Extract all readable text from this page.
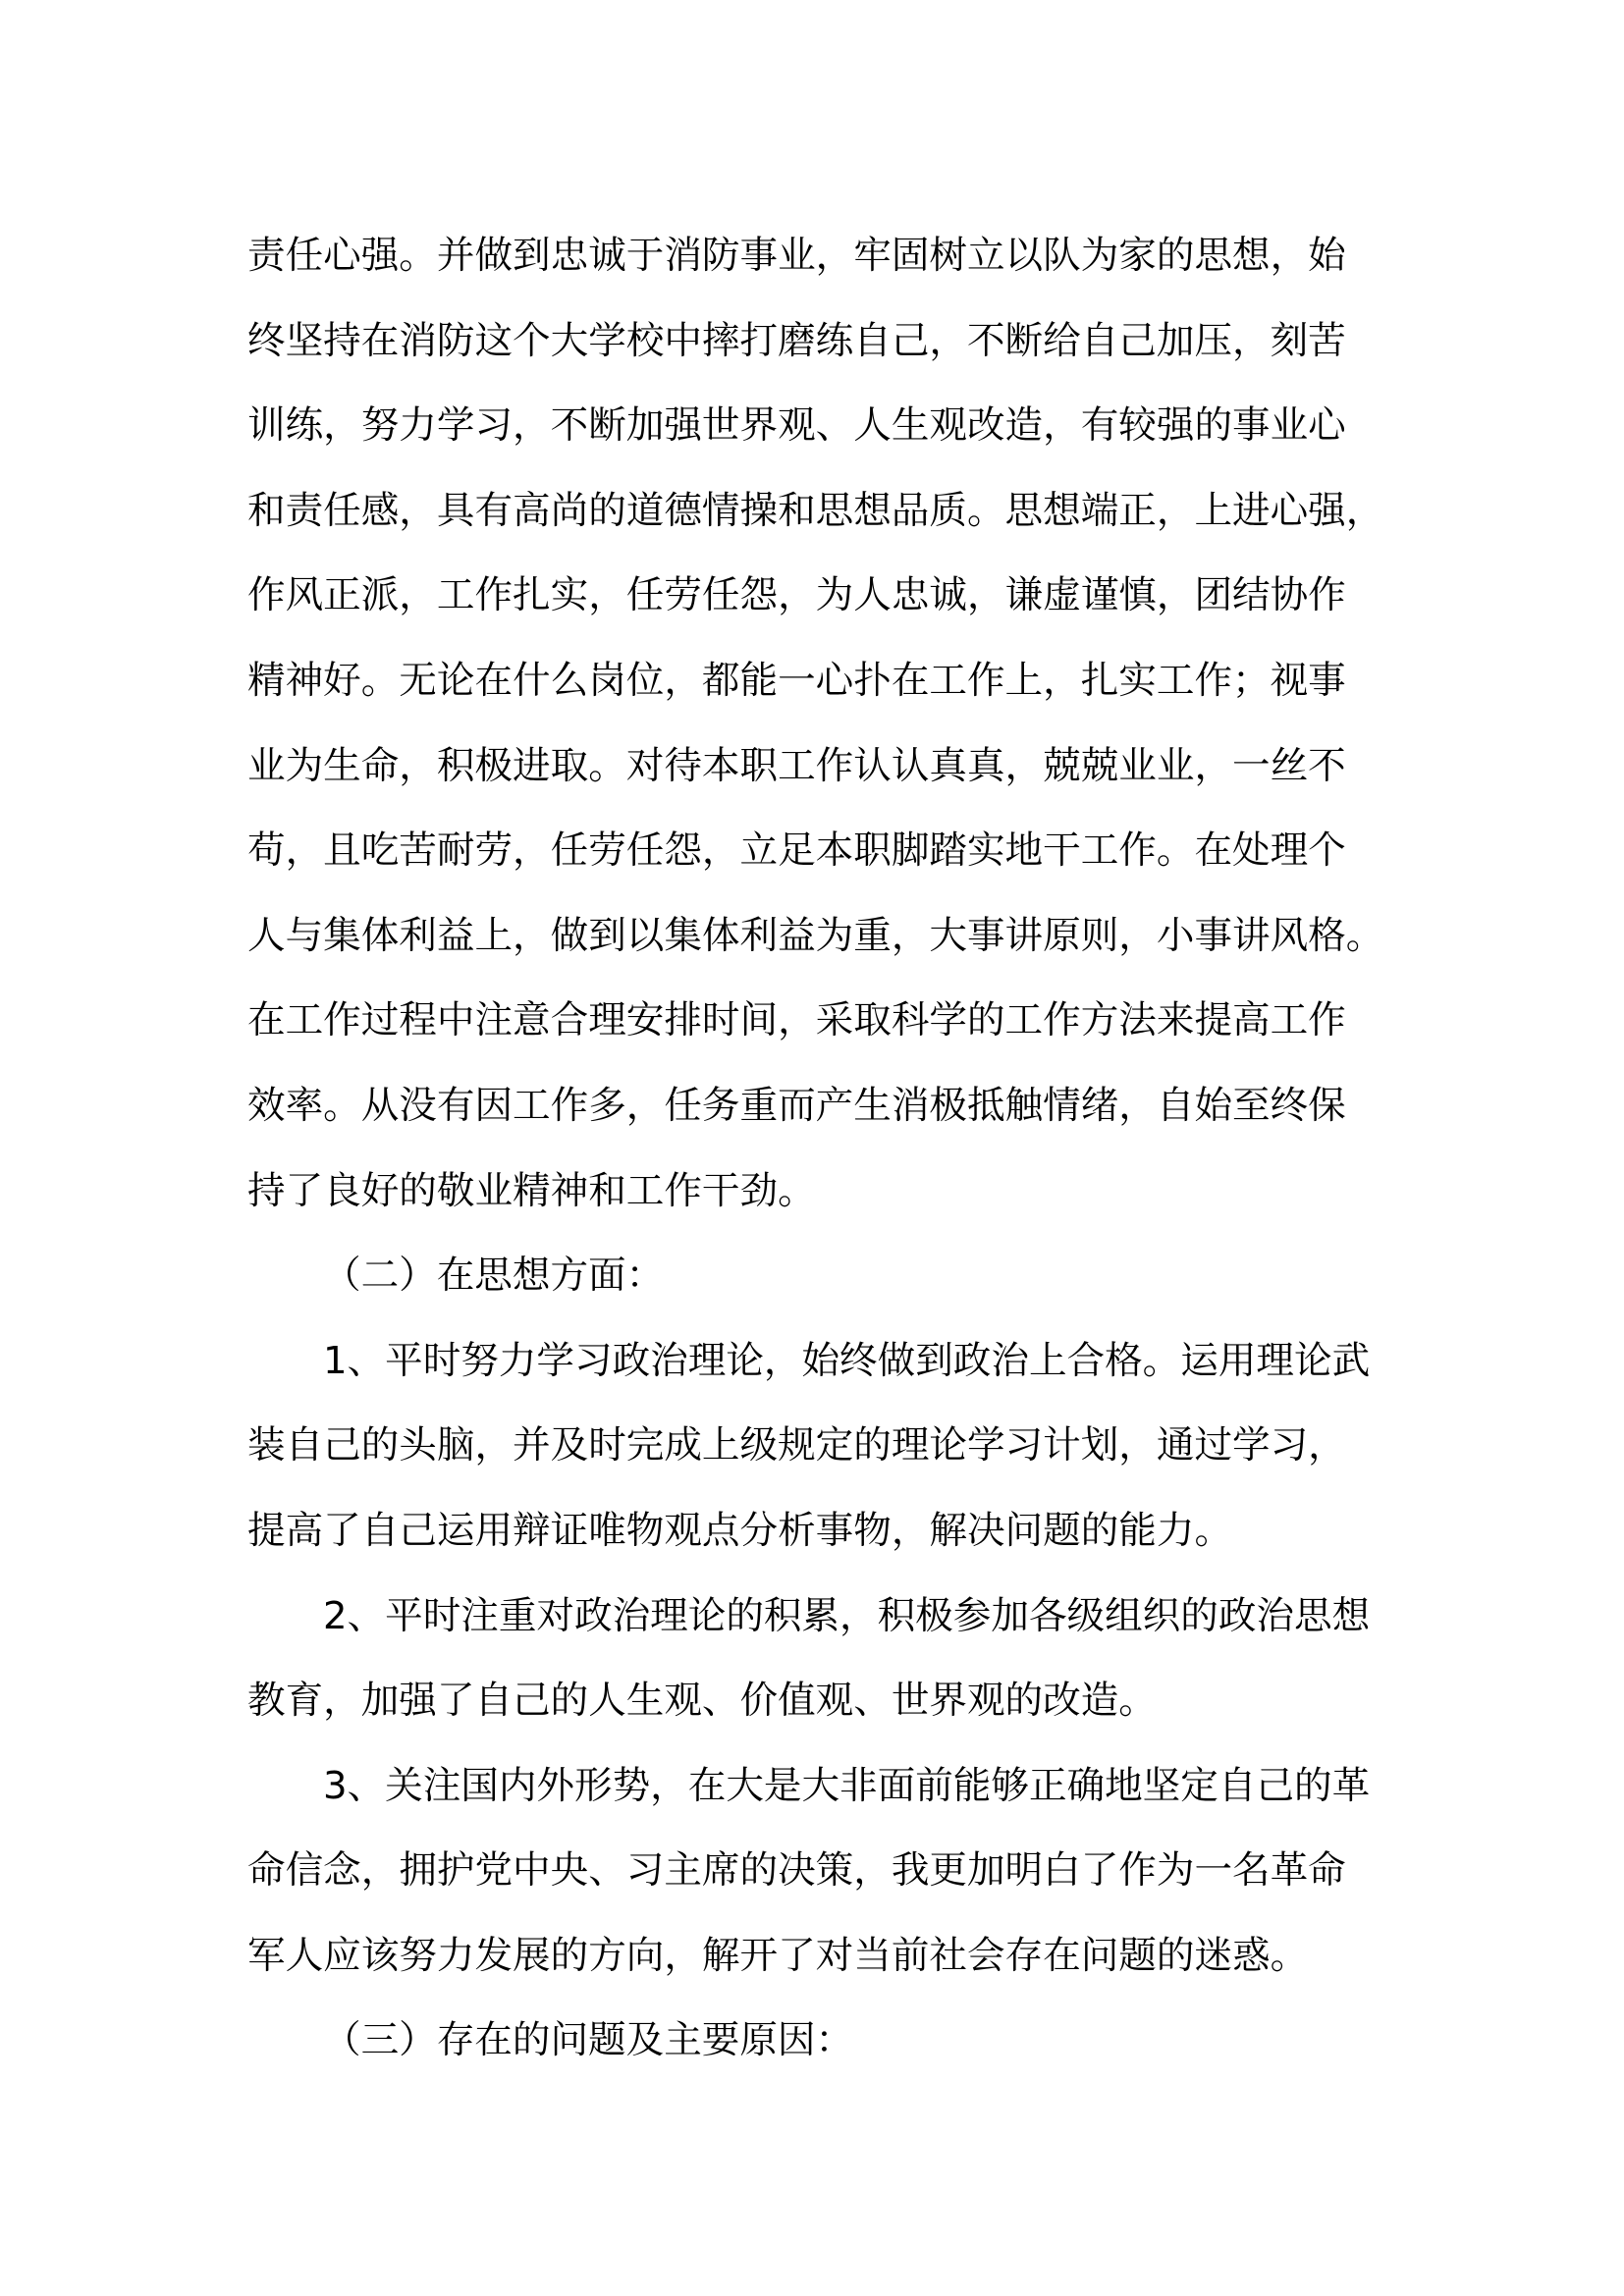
责任心强。并做到忠诚于消防事业，牢固树立以队为家的思想，始
终坚持在消防这个大学校中摔打磨练自己，不断给自己加压，刻苦
训练，努力学习，不断加强世界观、人生观改造，有较强的事业心
和责任感，具有高尚的道德情操和思想品质。思想端正，上进心强，
作风正派，工作扎实，任劳任怨，为人忠诚，谦虚谨慎，团结协作
精神好。无论在什么岗位，都能一心扑在工作上，扎实工作；视事
业为生命，积极进取。对待本职工作认认真真，兢兢业业，一丝不
苟，且吃苦耐劳，任劳任怨，立足本职脚踏实地干工作。在处理个
人与集体利益上，做到以集体利益为重，大事讲原则，小事讲风格。
在工作过程中注意合理安排时间，采取科学的工作方法来提高工作
效率。从没有因工作多，任务重而产生消极抵触情绪，自始至终保
持了良好的敬业精神和工作干劲。
（二）在思想方面：
1、平时努力学习政治理论，始终做到政治上合格。运用理论武
装自己的头脑，并及时完成上级规定的理论学习计划，通过学习，
提高了自己运用辩证唯物观点分析事物，解决问题的能力。
2、平时注重对政治理论的积累，积极参加各级组织的政治思想
教育，加强了自己的人生观、价值观、世界观的改造。
3、关注国内外形势，在大是大非面前能够正确地坚定自己的革
命信念，拥护党中央、习主席的决策，我更加明白了作为一名革命
军人应该努力发展的方向，解开了对当前社会存在问题的迷惑。
（三）存在的问题及主要原因：
